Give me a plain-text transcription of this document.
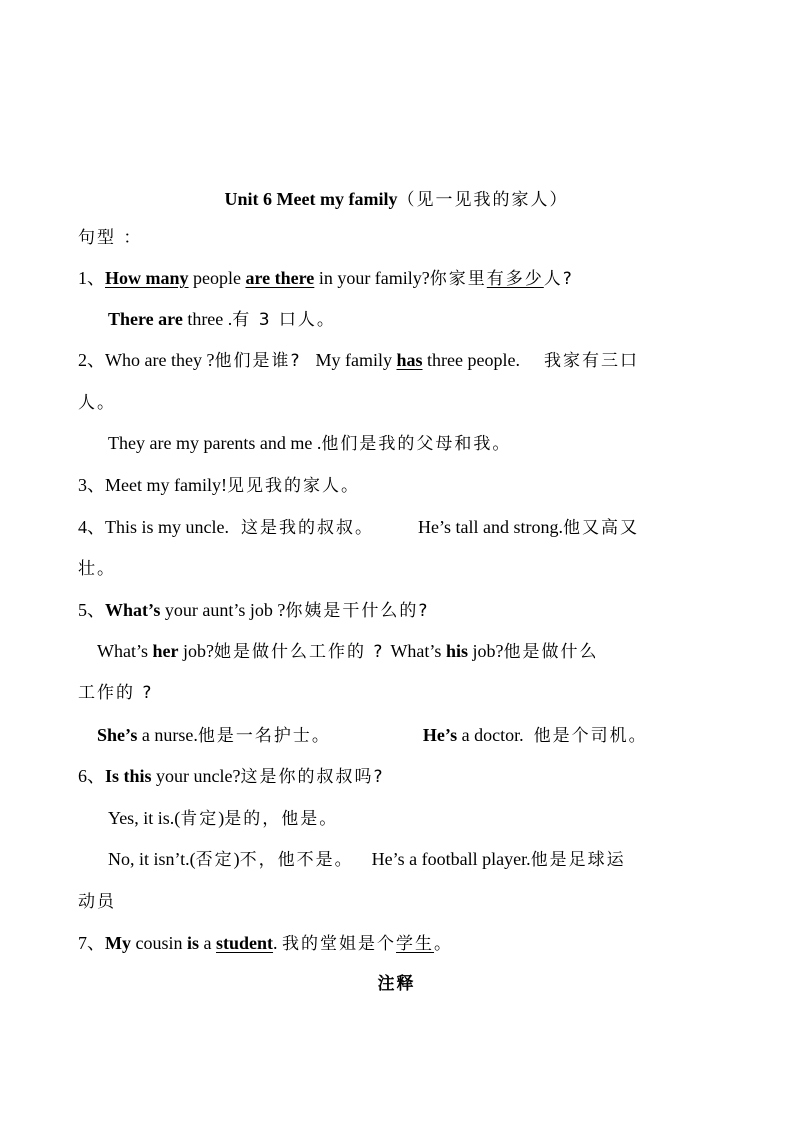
Unit 6 Meet my family（见一见我的家人）
句型 ：
1、How many people are there in your family?你家里有多少人?
There are three .有 3 口人。
2、Who are they ?他们是谁? My family has three people. 我家有三口
人。
They are my parents and me .他们是我的父母和我。
3、Meet my family!见见我的家人。
4、This is my uncle. 这是我的叔叔。 He’s tall and strong.他又高又
壮。
5、What’s your aunt’s job ?你姨是干什么的?
What’s her job?她是做什么工作的 ? What’s his job?他是做什么
工作的 ?
She’s a nurse.他是一名护士。	He’s a doctor. 他是个司机。
6、Is this your uncle?这是你的叔叔吗?
Yes, it is.(肯定)是的，他是。
No, it isn’t.(否定)不，他不是。 He’s a football player.他是足球运
动员
7、My cousin is a student. 我的堂姐是个学生。
注释
